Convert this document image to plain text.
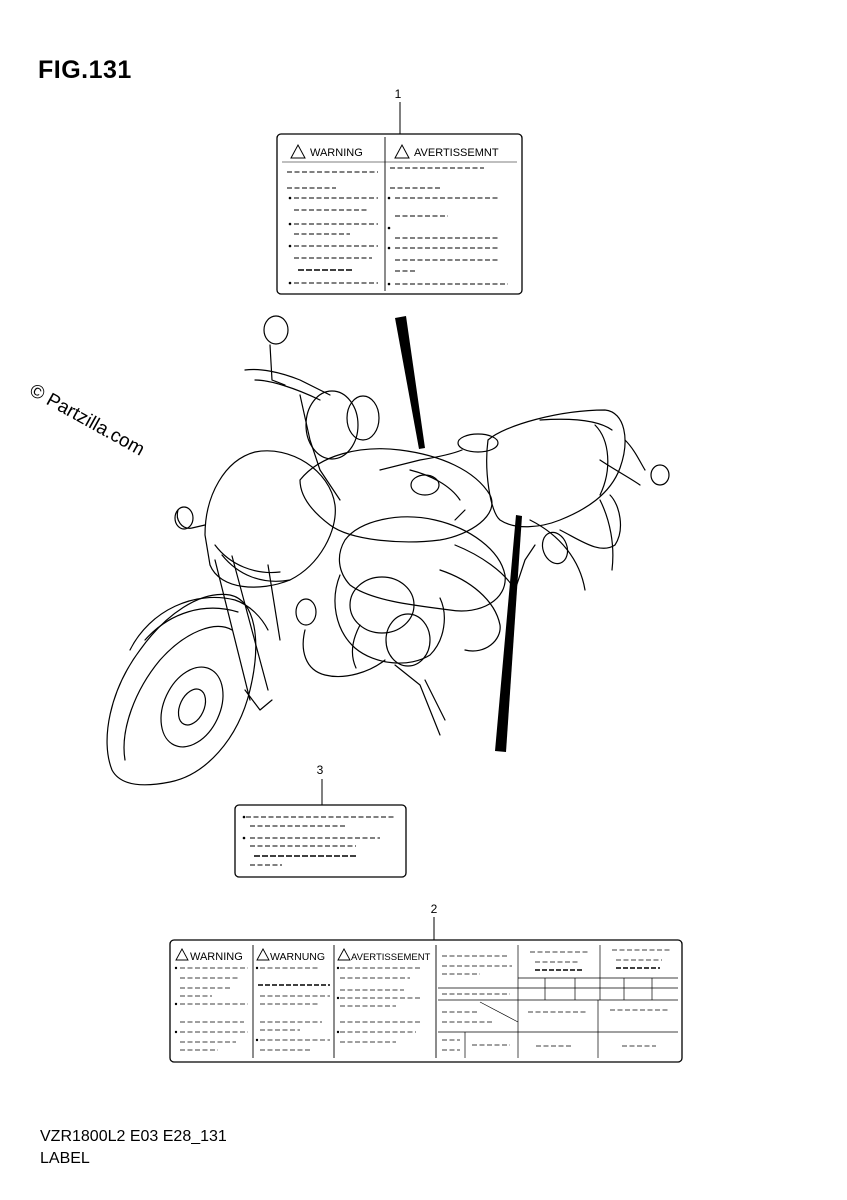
FIG.131
© Partzilla.com
VZR1800L2 E03 E28_131
LABEL
1
WARNING	AVERTISSEMNT
3
2
WARNING	WARNUNG	AVERTISSEMENT
